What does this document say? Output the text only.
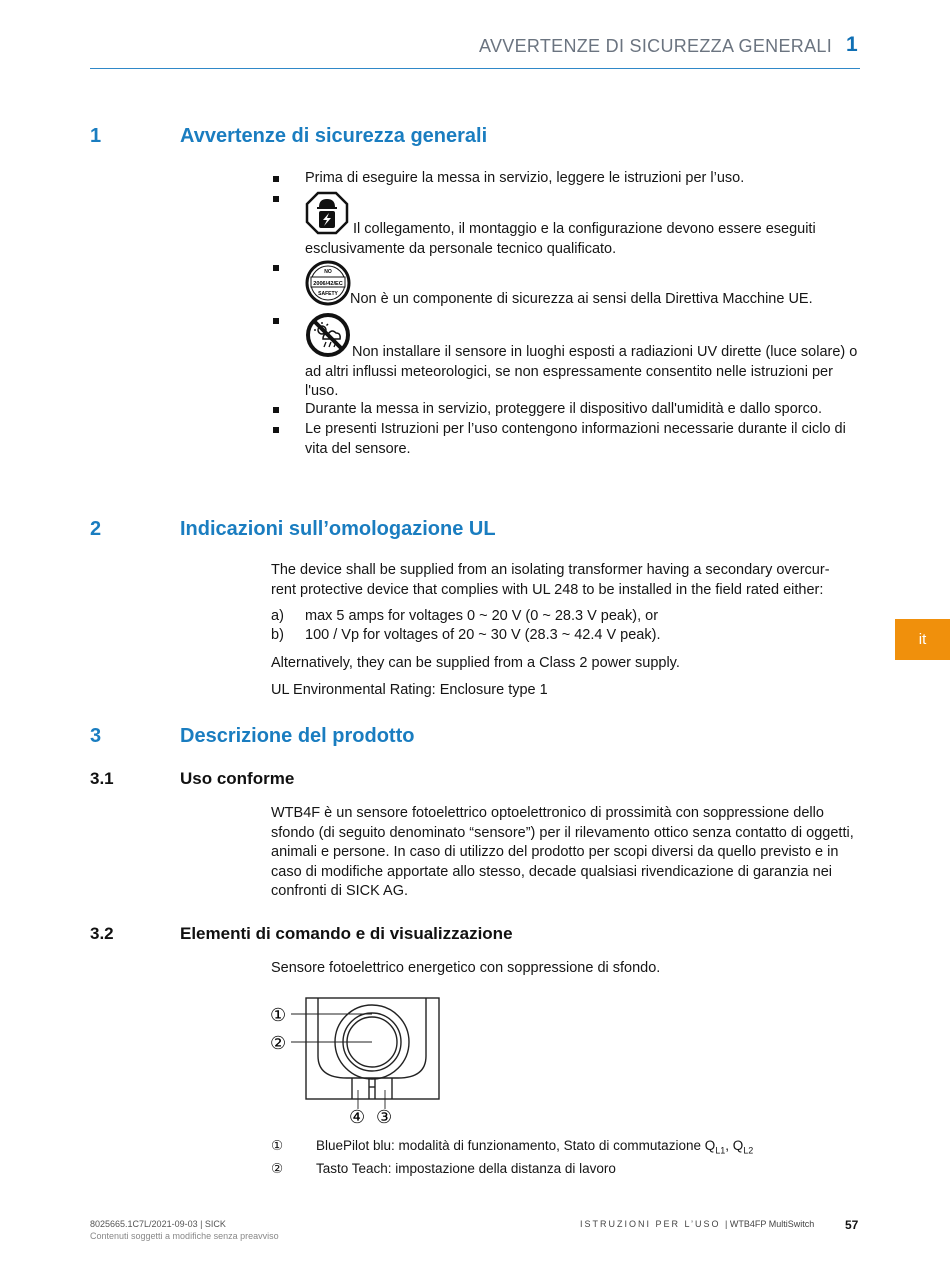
AVVERTENZE DI SICUREZZA GENERALI 1
1	Avvertenze di sicurezza generali
Prima di eseguire la messa in servizio, leggere le istruzioni per l’uso.
Il collegamento, il montaggio e la configurazione devono essere eseguiti esclusivamente da personale tecnico qualificato.
NO
2006/42/EC
SAFETY Non è un componente di sicurezza ai sensi della Direttiva Macchine UE.
Non installare il sensore in luoghi esposti a radiazioni UV dirette (luce solare) o ad altri influssi meteorologici, se non espressamente consentito nelle istruzioni per l'uso.
Durante la messa in servizio, proteggere il dispositivo dall'umidità e dallo sporco.
Le presenti Istruzioni per l’uso contengono informazioni necessarie durante il ciclo di vita del sensore.
2	Indicazioni sull’omologazione UL
The device shall be supplied from an isolating transformer having a secondary overcur-
rent protective device that complies with UL 248 to be installed in the field rated either:
a) max 5 amps for voltages 0 ~ 20 V (0 ~ 28.3 V peak), or
b) 100 / Vp for voltages of 20 ~ 30 V (28.3 ~ 42.4 V peak).
Alternatively, they can be supplied from a Class 2 power supply.
UL Environmental Rating: Enclosure type 1
it
3	Descrizione del prodotto
3.1	Uso conforme
WTB4F è un sensore fotoelettrico optoelettronico di prossimità con soppressione dello sfondo (di seguito denominato “sensore”) per il rilevamento ottico senza contatto di oggetti, animali e persone. In caso di utilizzo del prodotto per scopi diversi da quello previsto e in caso di modifiche apportate allo stesso, decade qualsiasi rivendicazione di garanzia nei confronti di SICK AG.
3.2	Elementi di comando e di visualizzazione
Sensore fotoelettrico energetico con soppressione di sfondo.
①
②
④ ③
① BluePilot blu: modalità di funzionamento, Stato di commutazione $Q_{L1}$, $Q_{L2}$
② Tasto Teach: impostazione della distanza di lavoro
8025665.1C7L/2021-09-03 | SICK
Contenuti soggetti a modifiche senza preavviso
ISTRUZIONI PER L’USO | WTB4FP MultiSwitch	57
